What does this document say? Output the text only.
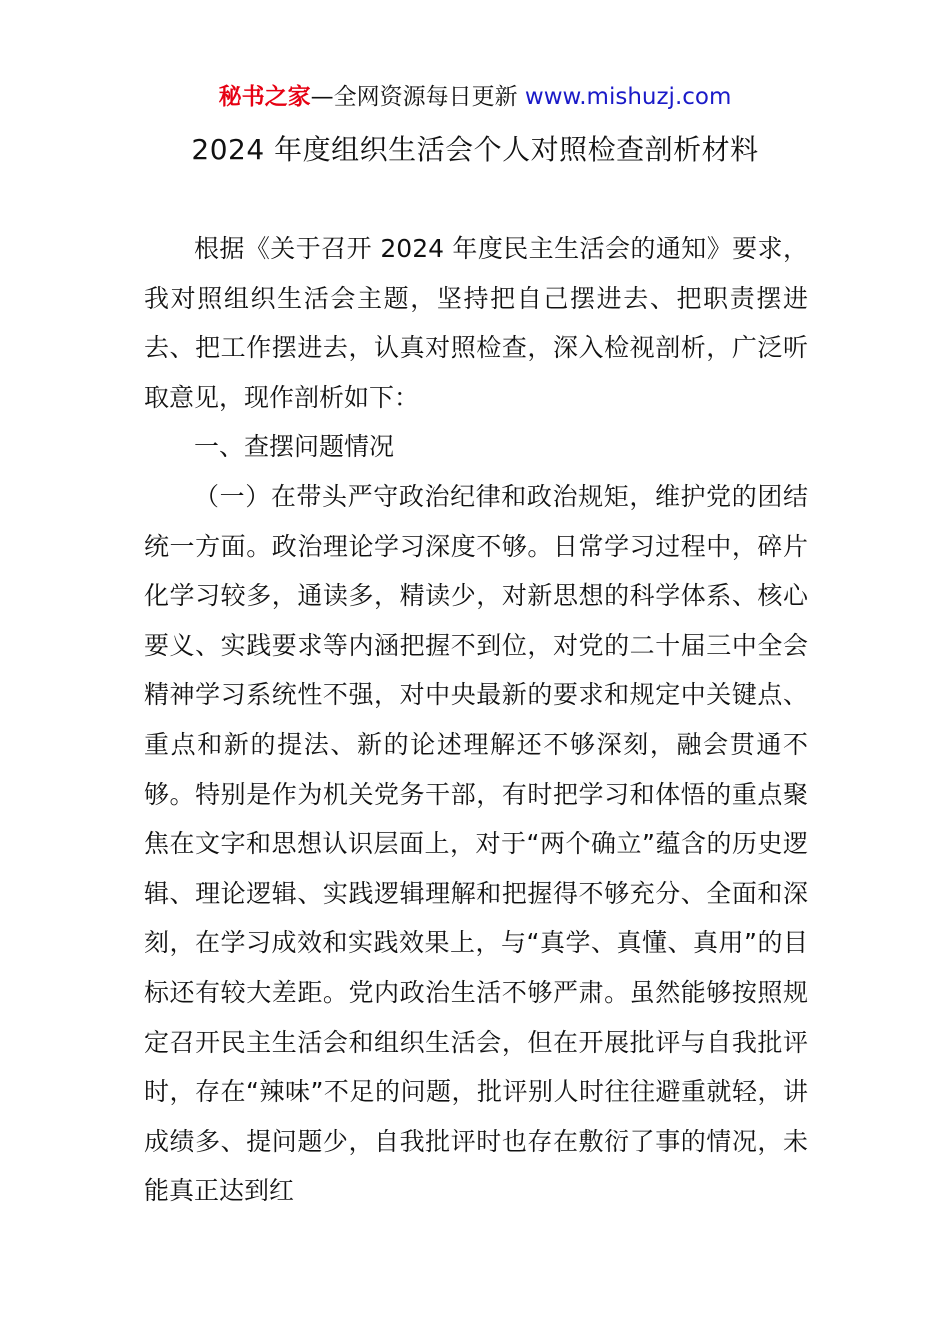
秘书之家—全网资源每日更新 www.mishuzj.com
2024 年度组织生活会个人对照检查剖析材料

根据《关于召开 2024 年度民主生活会的通知》要求，我对照组织生活会主题，坚持把自己摆进去、把职责摆进去、把工作摆进去，认真对照检查，深入检视剖析，广泛听取意见，现作剖析如下：

一、查摆问题情况

（一）在带头严守政治纪律和政治规矩，维护党的团结统一方面。政治理论学习深度不够。日常学习过程中，碎片化学习较多，通读多，精读少，对新思想的科学体系、核心要义、实践要求等内涵把握不到位，对党的二十届三中全会精神学习系统性不强，对中央最新的要求和规定中关键点、重点和新的提法、新的论述理解还不够深刻，融会贯通不够。特别是作为机关党务干部，有时把学习和体悟的重点聚焦在文字和思想认识层面上，对于“两个确立”蕴含的历史逻辑、理论逻辑、实践逻辑理解和把握得不够充分、全面和深刻，在学习成效和实践效果上，与“真学、真懂、真用”的目标还有较大差距。党内政治生活不够严肃。虽然能够按照规定召开民主生活会和组织生活会，但在开展批评与自我批评时，存在“辣味”不足的问题，批评别人时往往避重就轻，讲成绩多、提问题少，自我批评时也存在敷衍了事的情况，未能真正达到红
